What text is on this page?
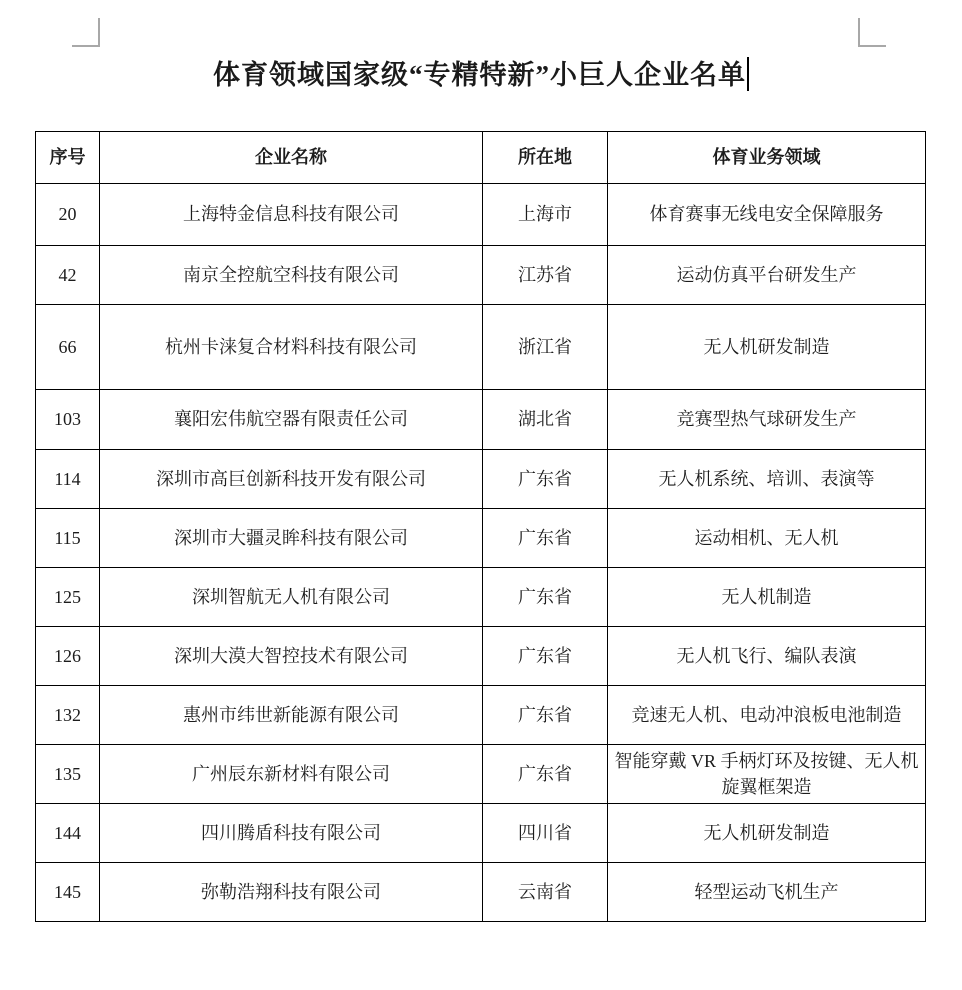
体育领域国家级“专精特新”小巨人企业名单
序号	企业名称	所在地	体育业务领域
20	上海特金信息科技有限公司	上海市	体育赛事无线电安全保障服务
42	南京全控航空科技有限公司	江苏省	运动仿真平台研发生产
66	杭州卡涞复合材料科技有限公司	浙江省	无人机研发制造
103	襄阳宏伟航空器有限责任公司	湖北省	竞赛型热气球研发生产
114	深圳市高巨创新科技开发有限公司	广东省	无人机系统、培训、表演等
115	深圳市大疆灵眸科技有限公司	广东省	运动相机、无人机
125	深圳智航无人机有限公司	广东省	无人机制造
126	深圳大漠大智控技术有限公司	广东省	无人机飞行、编队表演
132	惠州市纬世新能源有限公司	广东省	竞速无人机、电动冲浪板电池制造
135	广州辰东新材料有限公司	广东省	智能穿戴 VR 手柄灯环及按键、无人机旋翼框架造
144	四川腾盾科技有限公司	四川省	无人机研发制造
145	弥勒浩翔科技有限公司	云南省	轻型运动飞机生产
